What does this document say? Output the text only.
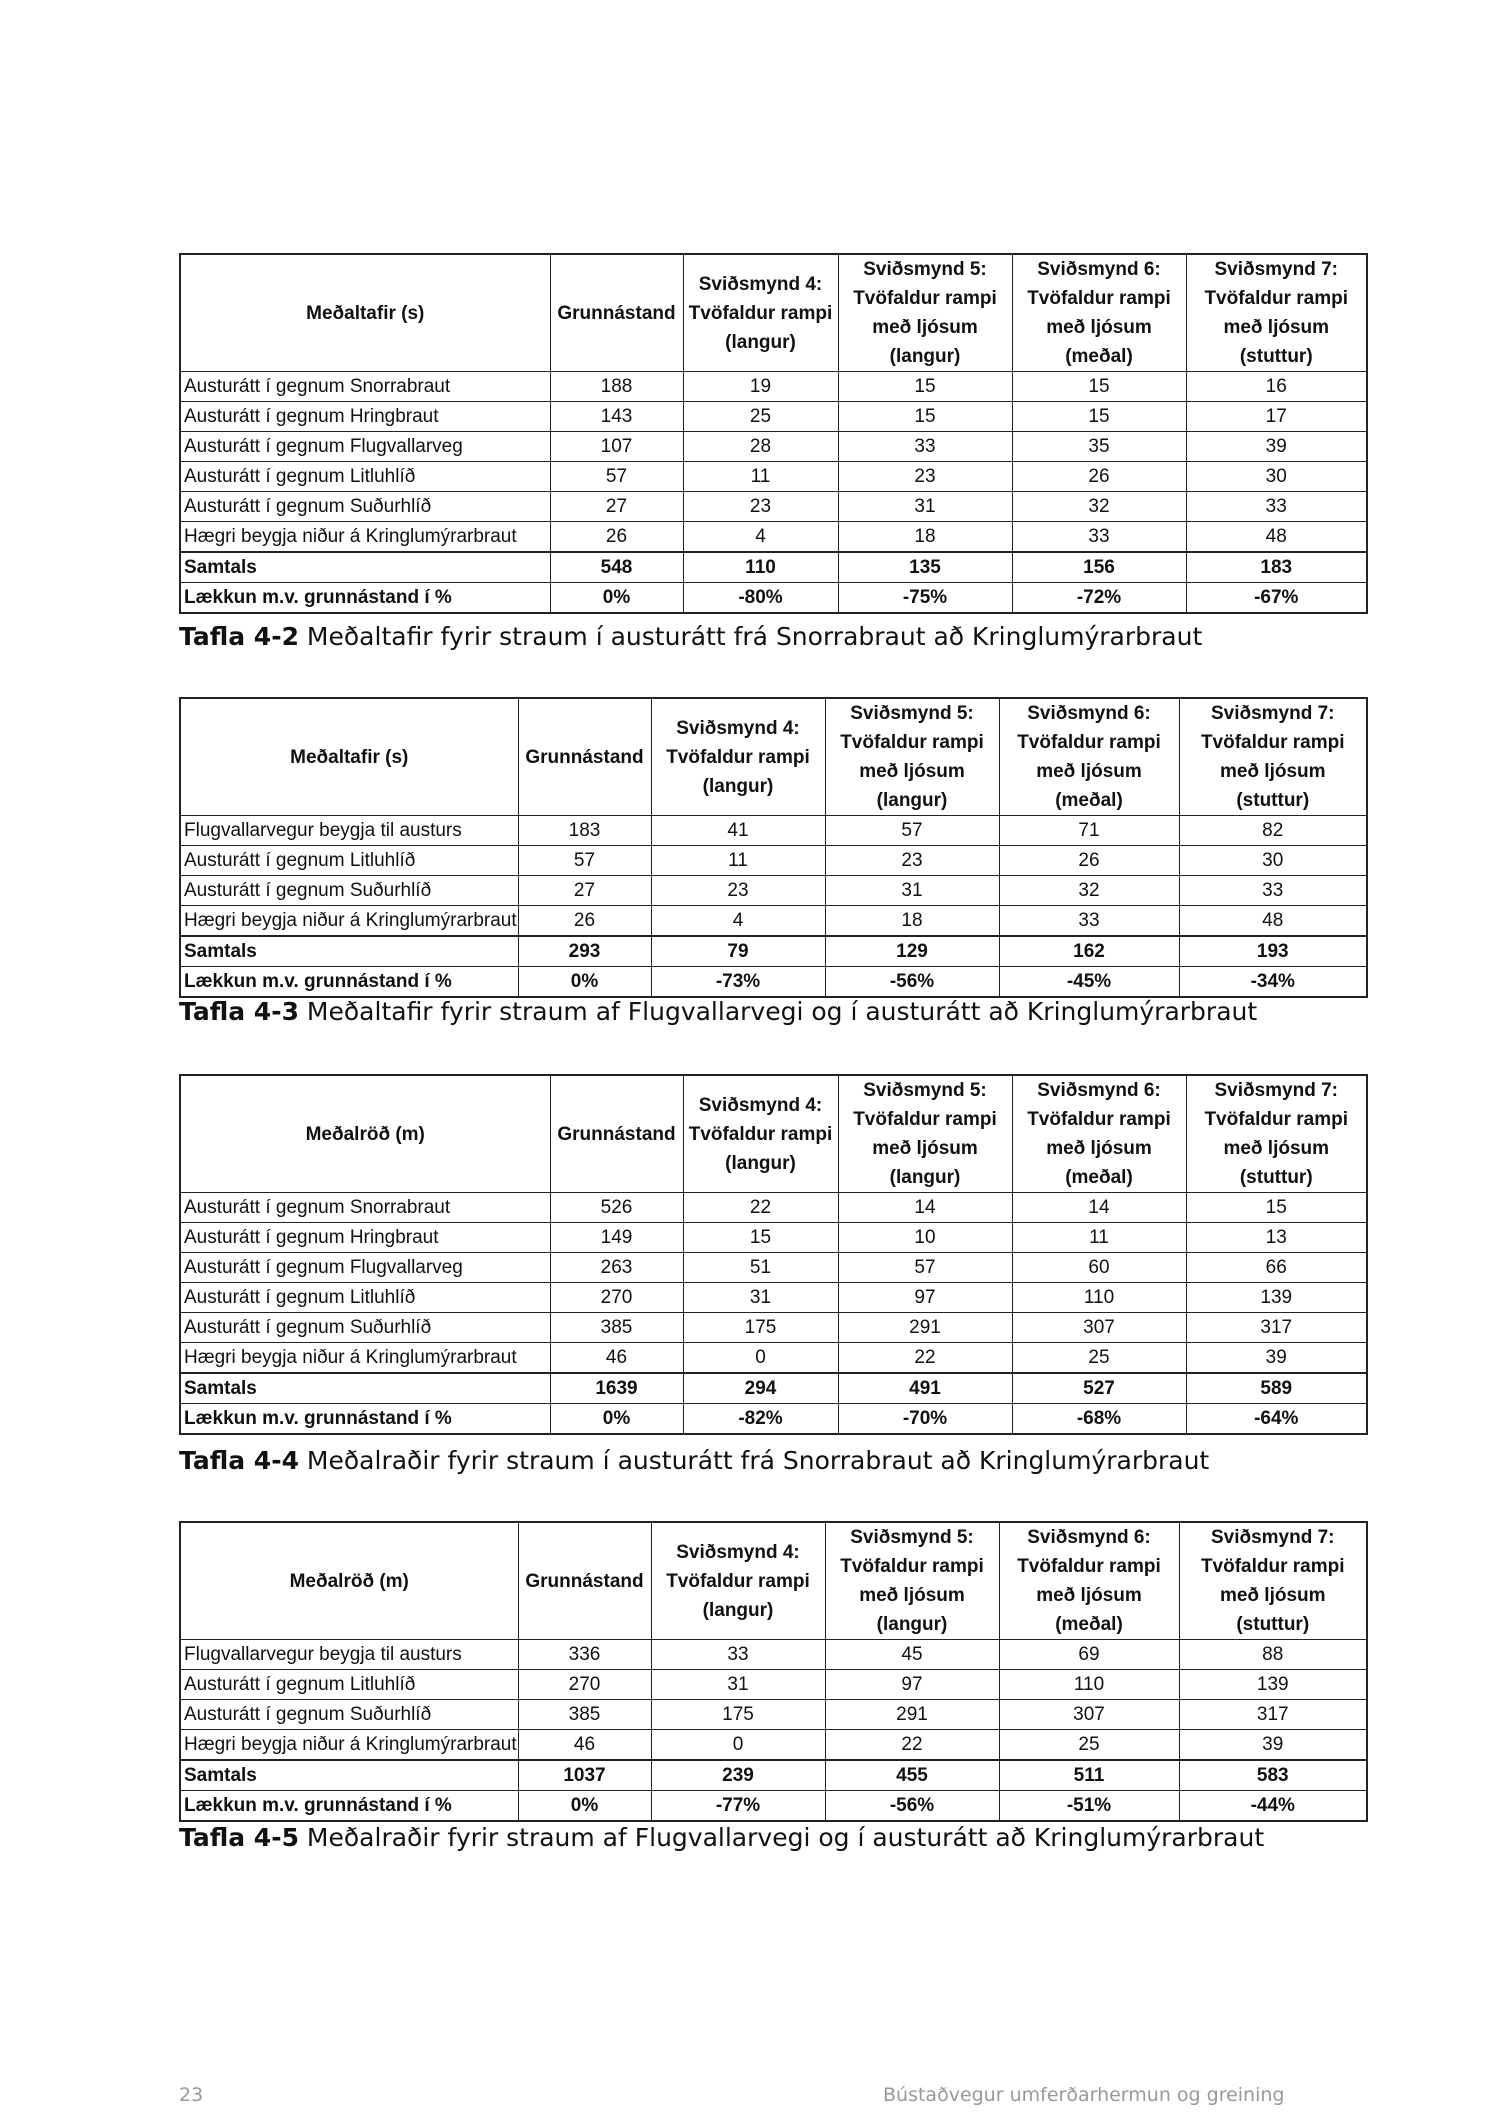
Meðaltafir (s)	Grunnástand	Sviðsmynd 4: Tvöfaldur rampi (langur)	Sviðsmynd 5: Tvöfaldur rampi með ljósum (langur)	Sviðsmynd 6: Tvöfaldur rampi með ljósum (meðal)	Sviðsmynd 7: Tvöfaldur rampi með ljósum (stuttur)
Austurátt í gegnum Snorrabraut	188	19	15	15	16
Austurátt í gegnum Hringbraut	143	25	15	15	17
Austurátt í gegnum Flugvallarveg	107	28	33	35	39
Austurátt í gegnum Litluhlíð	57	11	23	26	30
Austurátt í gegnum Suðurhlíð	27	23	31	32	33
Hægri beygja niður á Kringlumýrarbraut	26	4	18	33	48
Samtals	548	110	135	156	183
Lækkun m.v. grunnástand í %	0%	-80%	-75%	-72%	-67%
Tafla 4-2 Meðaltafir fyrir straum í austurátt frá Snorrabraut að Kringlumýrarbraut
Meðaltafir (s)	Grunnástand	Sviðsmynd 4: Tvöfaldur rampi (langur)	Sviðsmynd 5: Tvöfaldur rampi með ljósum (langur)	Sviðsmynd 6: Tvöfaldur rampi með ljósum (meðal)	Sviðsmynd 7: Tvöfaldur rampi með ljósum (stuttur)
Flugvallarvegur beygja til austurs	183	41	57	71	82
Austurátt í gegnum Litluhlíð	57	11	23	26	30
Austurátt í gegnum Suðurhlíð	27	23	31	32	33
Hægri beygja niður á Kringlumýrarbraut	26	4	18	33	48
Samtals	293	79	129	162	193
Lækkun m.v. grunnástand í %	0%	-73%	-56%	-45%	-34%
Tafla 4-3 Meðaltafir fyrir straum af Flugvallarvegi og í austurátt að Kringlumýrarbraut
Meðalröð (m)	Grunnástand	Sviðsmynd 4: Tvöfaldur rampi (langur)	Sviðsmynd 5: Tvöfaldur rampi með ljósum (langur)	Sviðsmynd 6: Tvöfaldur rampi með ljósum (meðal)	Sviðsmynd 7: Tvöfaldur rampi með ljósum (stuttur)
Austurátt í gegnum Snorrabraut	526	22	14	14	15
Austurátt í gegnum Hringbraut	149	15	10	11	13
Austurátt í gegnum Flugvallarveg	263	51	57	60	66
Austurátt í gegnum Litluhlíð	270	31	97	110	139
Austurátt í gegnum Suðurhlíð	385	175	291	307	317
Hægri beygja niður á Kringlumýrarbraut	46	0	22	25	39
Samtals	1639	294	491	527	589
Lækkun m.v. grunnástand í %	0%	-82%	-70%	-68%	-64%
Tafla 4-4 Meðalraðir fyrir straum í austurátt frá Snorrabraut að Kringlumýrarbraut
Meðalröð (m)	Grunnástand	Sviðsmynd 4: Tvöfaldur rampi (langur)	Sviðsmynd 5: Tvöfaldur rampi með ljósum (langur)	Sviðsmynd 6: Tvöfaldur rampi með ljósum (meðal)	Sviðsmynd 7: Tvöfaldur rampi með ljósum (stuttur)
Flugvallarvegur beygja til austurs	336	33	45	69	88
Austurátt í gegnum Litluhlíð	270	31	97	110	139
Austurátt í gegnum Suðurhlíð	385	175	291	307	317
Hægri beygja niður á Kringlumýrarbraut	46	0	22	25	39
Samtals	1037	239	455	511	583
Lækkun m.v. grunnástand í %	0%	-77%	-56%	-51%	-44%
Tafla 4-5 Meðalraðir fyrir straum af Flugvallarvegi og í austurátt að Kringlumýrarbraut
23	Bústaðvegur umferðarhermun og greining
